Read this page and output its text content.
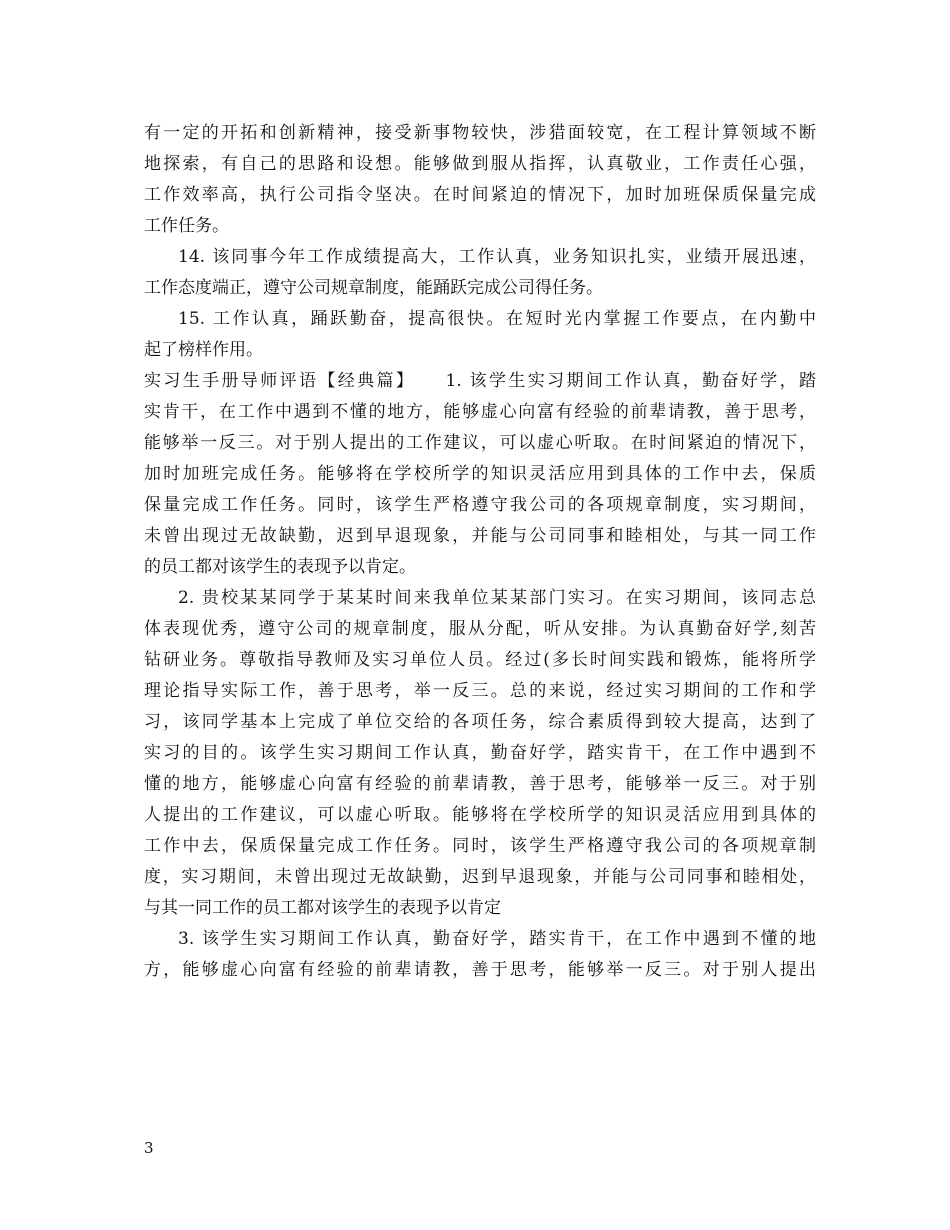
有一定的开拓和创新精神，接受新事物较快，涉猎面较宽，在工程计算领域不断
地探索，有自己的思路和设想。能够做到服从指挥，认真敬业，工作责任心强，
工作效率高，执行公司指令坚决。在时间紧迫的情况下，加时加班保质保量完成
工作任务。
14. 该同事今年工作成绩提高大，工作认真，业务知识扎实，业绩开展迅速，
工作态度端正，遵守公司规章制度，能踊跃完成公司得任务。
15. 工作认真，踊跃勤奋，提高很快。在短时光内掌握工作要点，在内勤中
起了榜样作用。
实习生手册导师评语【经典篇】　　1. 该学生实习期间工作认真，勤奋好学，踏
实肯干，在工作中遇到不懂的地方，能够虚心向富有经验的前辈请教，善于思考，
能够举一反三。对于别人提出的工作建议，可以虚心听取。在时间紧迫的情况下，
加时加班完成任务。能够将在学校所学的知识灵活应用到具体的工作中去，保质
保量完成工作任务。同时，该学生严格遵守我公司的各项规章制度，实习期间，
未曾出现过无故缺勤，迟到早退现象，并能与公司同事和睦相处，与其一同工作
的员工都对该学生的表现予以肯定。
2. 贵校某某同学于某某时间来我单位某某部门实习。在实习期间，该同志总
体表现优秀，遵守公司的规章制度，服从分配，听从安排。为认真勤奋好学,刻苦
钻研业务。尊敬指导教师及实习单位人员。经过(多长时间实践和锻炼，能将所学
理论指导实际工作，善于思考，举一反三。总的来说，经过实习期间的工作和学
习，该同学基本上完成了单位交给的各项任务，综合素质得到较大提高，达到了
实习的目的。该学生实习期间工作认真，勤奋好学，踏实肯干，在工作中遇到不
懂的地方，能够虚心向富有经验的前辈请教，善于思考，能够举一反三。对于别
人提出的工作建议，可以虚心听取。能够将在学校所学的知识灵活应用到具体的
工作中去，保质保量完成工作任务。同时，该学生严格遵守我公司的各项规章制
度，实习期间，未曾出现过无故缺勤，迟到早退现象，并能与公司同事和睦相处，
与其一同工作的员工都对该学生的表现予以肯定
3. 该学生实习期间工作认真，勤奋好学，踏实肯干，在工作中遇到不懂的地
方，能够虚心向富有经验的前辈请教，善于思考，能够举一反三。对于别人提出
3
